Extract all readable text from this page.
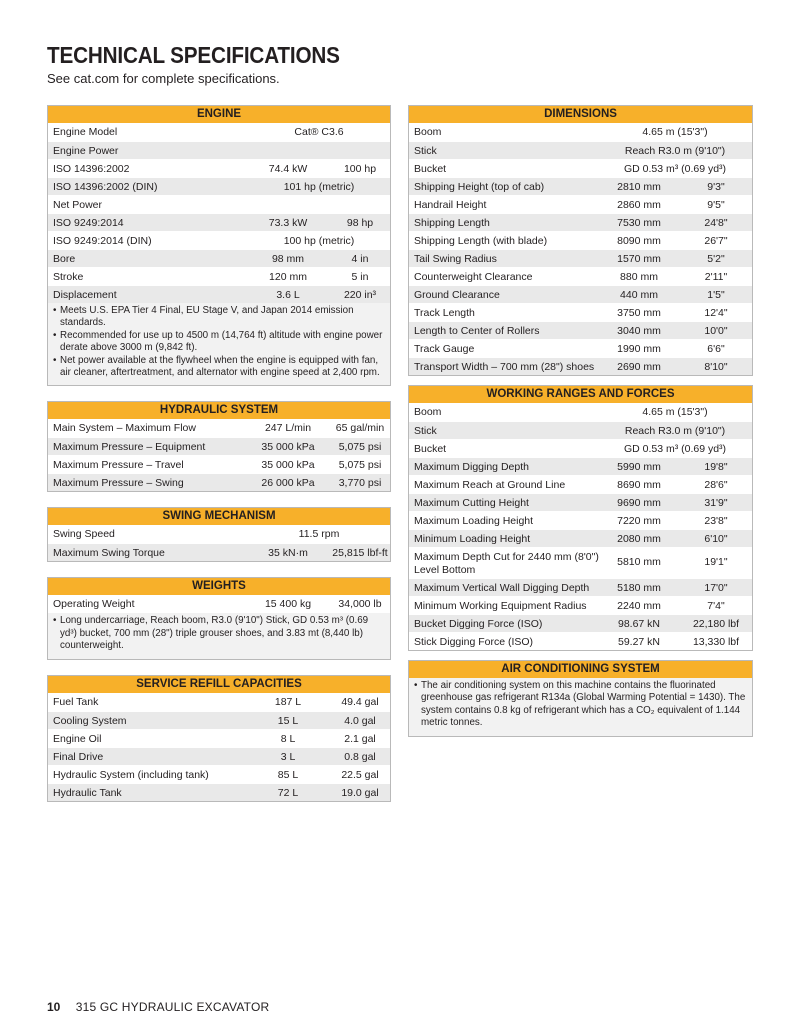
TECHNICAL SPECIFICATIONS
See cat.com for complete specifications.
ENGINE
Engine Model	Cat® C3.6
Engine Power
ISO 14396:2002	74.4 kW	100 hp
ISO 14396:2002 (DIN)	101 hp (metric)
Net Power
ISO 9249:2014	73.3 kW	98 hp
ISO 9249:2014 (DIN)	100 hp (metric)
Bore	98 mm	4 in
Stroke	120 mm	5 in
Displacement	3.6 L	220 in³
• Meets U.S. EPA Tier 4 Final, EU Stage V, and Japan 2014 emission standards.
• Recommended for use up to 4500 m (14,764 ft) altitude with engine power derate above 3000 m (9,842 ft).
• Net power available at the flywheel when the engine is equipped with fan, air cleaner, aftertreatment, and alternator with engine speed at 2,400 rpm.
HYDRAULIC SYSTEM
Main System – Maximum Flow	247 L/min	65 gal/min
Maximum Pressure – Equipment	35 000 kPa	5,075 psi
Maximum Pressure – Travel	35 000 kPa	5,075 psi
Maximum Pressure – Swing	26 000 kPa	3,770 psi
SWING MECHANISM
Swing Speed	11.5 rpm
Maximum Swing Torque	35 kN·m	25,815 lbf-ft
WEIGHTS
Operating Weight	15 400 kg	34,000 lb
• Long undercarriage, Reach boom, R3.0 (9'10") Stick, GD 0.53 m³ (0.69 yd³) bucket, 700 mm (28") triple grouser shoes, and 3.83 mt (8,440 lb) counterweight.
SERVICE REFILL CAPACITIES
Fuel Tank	187 L	49.4 gal
Cooling System	15 L	4.0 gal
Engine Oil	8 L	2.1 gal
Final Drive	3 L	0.8 gal
Hydraulic System (including tank)	85 L	22.5 gal
Hydraulic Tank	72 L	19.0 gal
DIMENSIONS
Boom	4.65 m (15'3")
Stick	Reach R3.0 m (9'10")
Bucket	GD 0.53 m³ (0.69 yd³)
Shipping Height (top of cab)	2810 mm	9'3"
Handrail Height	2860 mm	9'5"
Shipping Length	7530 mm	24'8"
Shipping Length (with blade)	8090 mm	26'7"
Tail Swing Radius	1570 mm	5'2"
Counterweight Clearance	880 mm	2'11"
Ground Clearance	440 mm	1'5"
Track Length	3750 mm	12'4"
Length to Center of Rollers	3040 mm	10'0"
Track Gauge	1990 mm	6'6"
Transport Width – 700 mm (28") shoes	2690 mm	8'10"
WORKING RANGES AND FORCES
Boom	4.65 m (15'3")
Stick	Reach R3.0 m (9'10")
Bucket	GD 0.53 m³ (0.69 yd³)
Maximum Digging Depth	5990 mm	19'8"
Maximum Reach at Ground Line	8690 mm	28'6"
Maximum Cutting Height	9690 mm	31'9"
Maximum Loading Height	7220 mm	23'8"
Minimum Loading Height	2080 mm	6'10"
Maximum Depth Cut for 2440 mm (8'0") Level Bottom
5810 mm	19'1"
Maximum Vertical Wall Digging Depth	5180 mm	17'0"
Minimum Working Equipment Radius	2240 mm	7'4"
Bucket Digging Force (ISO)	98.67 kN	22,180 lbf
Stick Digging Force (ISO)	59.27 kN	13,330 lbf
AIR CONDITIONING SYSTEM
• The air conditioning system on this machine contains the fluorinated greenhouse gas refrigerant R134a (Global Warming Potential = 1430). The system contains 0.8 kg of refrigerant which has a CO₂ equivalent of 1.144 metric tonnes.
10 315 GC HYDRAULIC EXCAVATOR
